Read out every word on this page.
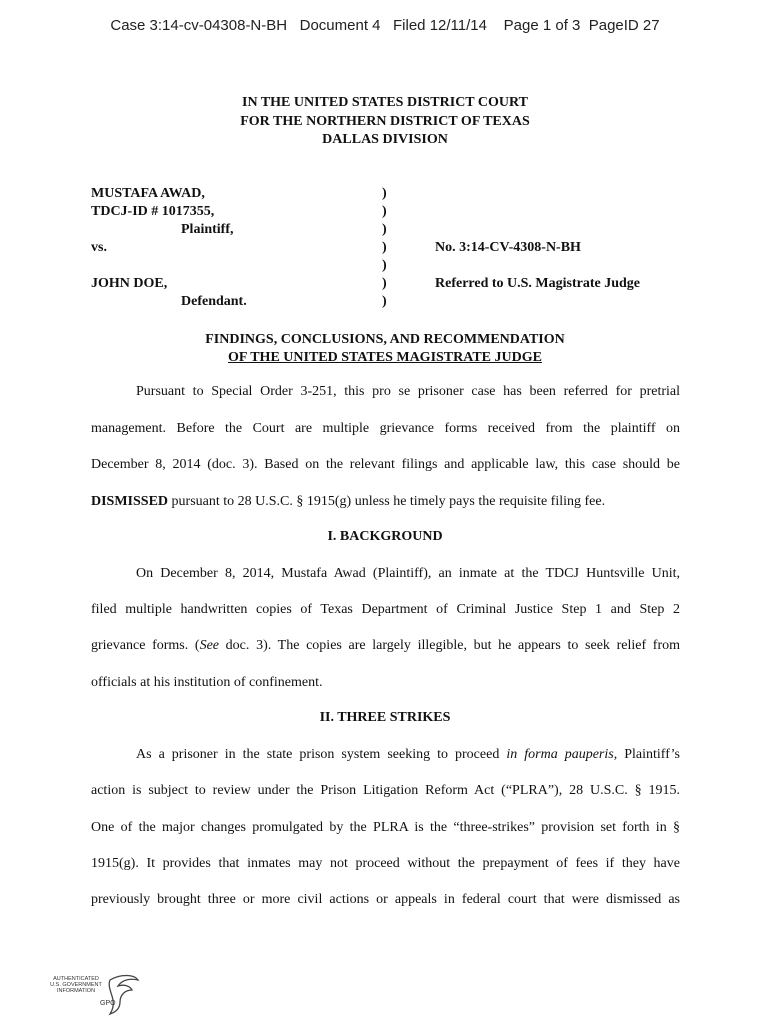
Case 3:14-cv-04308-N-BH Document 4 Filed 12/11/14 Page 1 of 3 PageID 27
IN THE UNITED STATES DISTRICT COURT
FOR THE NORTHERN DISTRICT OF TEXAS
DALLAS DIVISION
MUSTAFA AWAD,
TDCJ-ID # 1017355,
Plaintiff,
vs.
JOHN DOE,
Defendant.
)
)
)
)
)
)
)
No. 3:14-CV-4308-N-BH
Referred to U.S. Magistrate Judge
FINDINGS, CONCLUSIONS, AND RECOMMENDATION
OF THE UNITED STATES MAGISTRATE JUDGE
Pursuant to Special Order 3-251, this pro se prisoner case has been referred for pretrial
management. Before the Court are multiple grievance forms received from the plaintiff on
December 8, 2014 (doc. 3). Based on the relevant filings and applicable law, this case should be
DISMISSED pursuant to 28 U.S.C. § 1915(g) unless he timely pays the requisite filing fee.
I. BACKGROUND
On December 8, 2014, Mustafa Awad (Plaintiff), an inmate at the TDCJ Huntsville Unit,
filed multiple handwritten copies of Texas Department of Criminal Justice Step 1 and Step 2
grievance forms. (See doc. 3). The copies are largely illegible, but he appears to seek relief from
officials at his institution of confinement.
II. THREE STRIKES
As a prisoner in the state prison system seeking to proceed in forma pauperis, Plaintiff’s
action is subject to review under the Prison Litigation Reform Act (“PLRA”), 28 U.S.C. § 1915.
One of the major changes promulgated by the PLRA is the “three-strikes” provision set forth in §
1915(g). It provides that inmates may not proceed without the prepayment of fees if they have
previously brought three or more civil actions or appeals in federal court that were dismissed as
AUTHENTICATED
U.S. GOVERNMENT
INFORMATION
GPO
